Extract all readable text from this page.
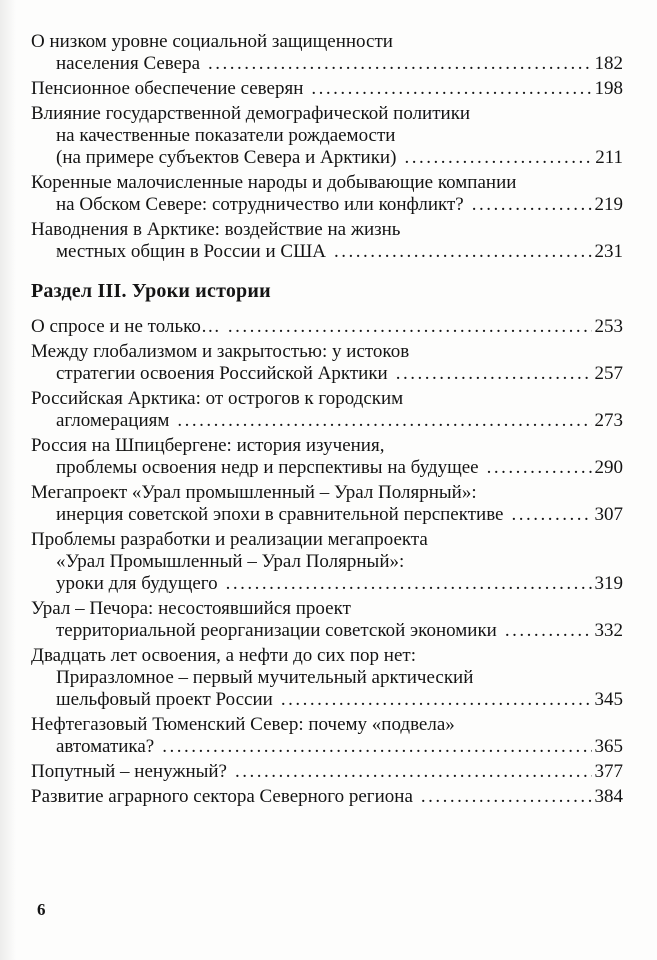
О низком уровне социальной защищенности
населения Севера .....	182
Пенсионное обеспечение северян .....	198
Влияние государственной демографической политики
на качественные показатели рождаемости
(на примере субъектов Севера и Арктики) .....	211
Коренные малочисленные народы и добывающие компании
на Обском Севере: сотрудничество или конфликт? .....	219
Наводнения в Арктике: воздействие на жизнь
местных общин в России и США .....	231
Раздел III. Уроки истории
О спросе и не только… .....	253
Между глобализмом и закрытостью: у истоков
стратегии освоения Российской Арктики .....	257
Российская Арктика: от острогов к городским
агломерациям .....	273
Россия на Шпицбергене: история изучения,
проблемы освоения недр и перспективы на будущее .....	290
Мегапроект «Урал промышленный – Урал Полярный»:
инерция советской эпохи в сравнительной перспективе .....	307
Проблемы разработки и реализации мегапроекта
«Урал Промышленный – Урал Полярный»:
уроки для будущего .....	319
Урал – Печора: несостоявшийся проект
территориальной реорганизации советской экономики .....	332
Двадцать лет освоения, а нефти до сих пор нет:
Приразломное – первый мучительный арктический
шельфовый проект России .....	345
Нефтегазовый Тюменский Север: почему «подвела»
автоматика? .....	365
Попутный – ненужный? .....	377
Развитие аграрного сектора Северного региона .....	384
6
